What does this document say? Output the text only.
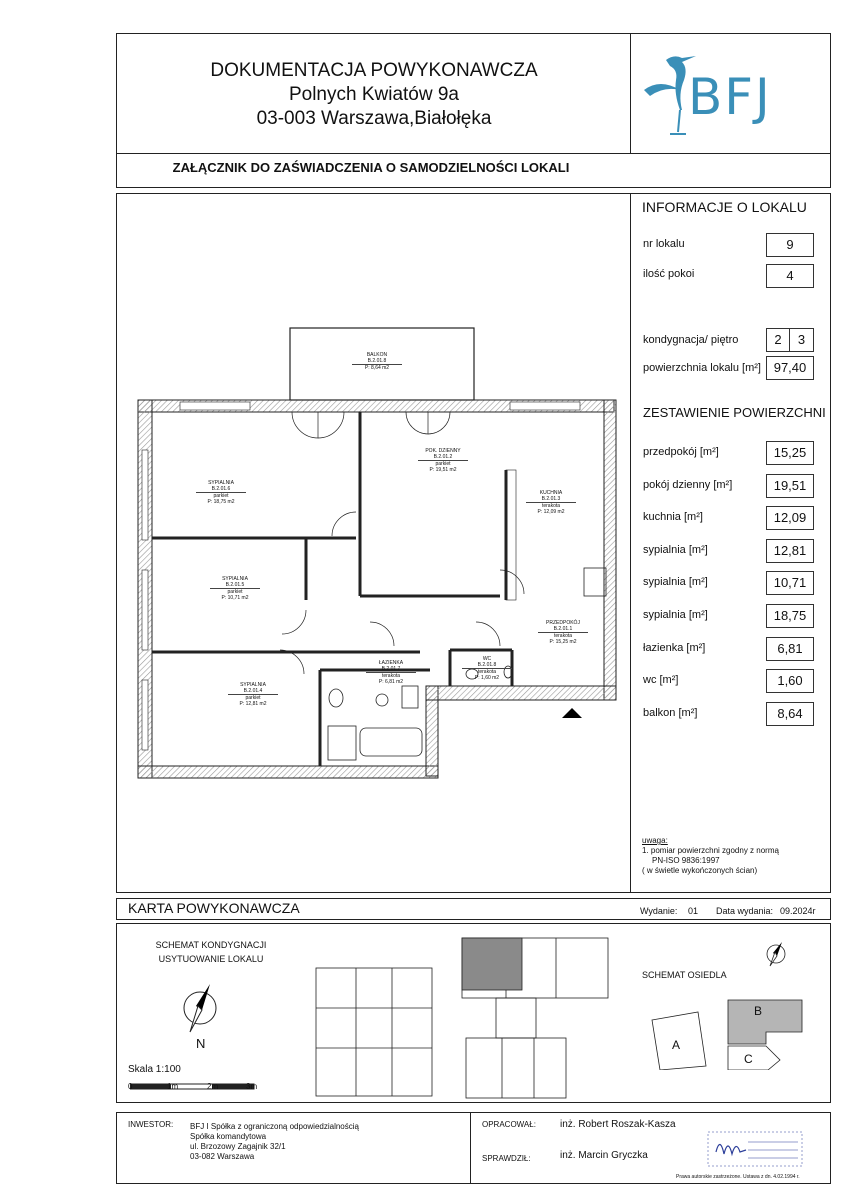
DOKUMENTACJA POWYKONAWCZA
Polnych Kwiatów 9a
03-003 Warszawa,Białołęka	BFJ
ZAŁĄCZNIK DO ZAŚWIADCZENIA O SAMODZIELNOŚCI LOKALI
BALKON
B.2.01.8
P: 8,64 m2
POK. DZIENNY
B.2.01.2
parkiet
P: 19,51 m2
SYPIALNIA
B.2.01.6
parkiet
P: 18,75 m2
KUCHNIA
B.2.01.3
terakota
P: 12,09 m2
SYPIALNIA
B.2.01.5
parkiet
P: 10,71 m2
PRZEDPOKÓJ
B.2.01.1
terakota
P: 15,25 m2
ŁAZIENKA
B.2.01.7
terakota
P: 6,81 m2
WC
B.2.01.8
terakota
P: 1,60 m2
SYPIALNIA
B.2.01.4
parkiet
P: 12,81 m2
INFORMACJE O LOKALU
nr lokalu	9
ilość pokoi	4
kondygnacja/ piętro	2	3
powierzchnia lokalu [m²] 97,40
ZESTAWIENIE POWIERZCHNI
przedpokój [m²]	15,25
pokój dzienny [m²]	19,51
kuchnia [m²]	12,09
sypialnia [m²]	12,81
sypialnia [m²]	10,71
sypialnia [m²]	18,75
łazienka [m²]	6,81
wc [m²]	1,60
balkon [m²]	8,64
uwaga:
1. pomiar powierzchni zgodny z normą
PN-ISO 9836:1997
( w świetle wykończonych ścian)
KARTA POWYKONAWCZA	Wydanie: 01 Data wydania: 09.2024r
SCHEMAT KONDYGNACJI
USYTUOWANIE LOKALU
N
Skala 1:100
0	1m	2m	3m
SCHEMAT OSIEDLA
A
B
C
INWESTOR: BFJ I Spółka z ograniczoną odpowiedzialnością
Spółka komandytowa
ul. Brzozowy Zagajnik 32/1
03-082 Warszawa
OPRACOWAŁ: inż. Robert Roszak-Kasza
SPRAWDZIŁ:	inż. Marcin Gryczka
Prawa autorskie zastrzeżone. Ustawa z dn. 4.02.1994 r.
